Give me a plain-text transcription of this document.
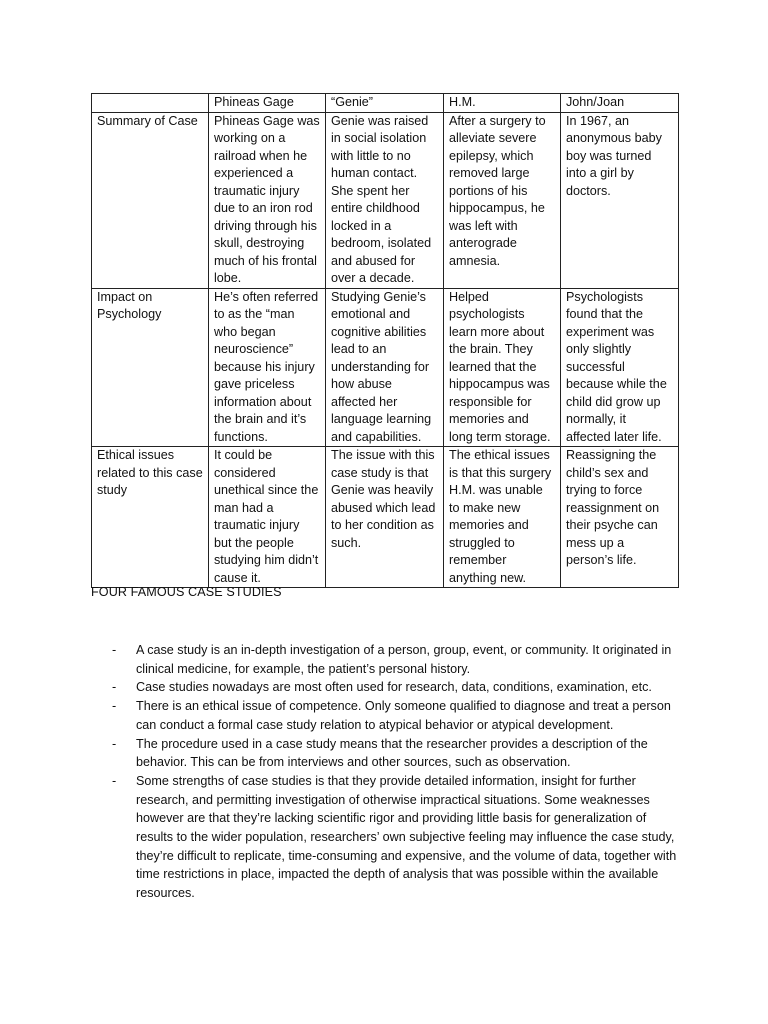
	Phineas Gage	“Genie”	H.M.	John/Joan
Summary of Case	Phineas Gage was working on a railroad when he experienced a traumatic injury due to an iron rod driving through his skull, destroying much of his frontal lobe.	Genie was raised in social isolation with little to no human contact. She spent her entire childhood locked in a bedroom, isolated and abused for over a decade.	After a surgery to alleviate severe epilepsy, which removed large portions of his hippocampus, he was left with anterograde amnesia.	In 1967, an anonymous baby boy was turned into a girl by doctors.
Impact on Psychology	He’s often referred to as the “man who began neuroscience” because his injury gave priceless information about the brain and it’s functions.	Studying Genie’s emotional and cognitive abilities lead to an understanding for how abuse affected her language learning and capabilities.	Helped psychologists learn more about the brain. They learned that the hippocampus was responsible for memories and long term storage.	Psychologists found that the experiment was only slightly successful because while the child did grow up normally, it affected later life.
Ethical issues related to this case study	It could be considered unethical since the man had a traumatic injury but the people studying him didn’t cause it.	The issue with this case study is that Genie was heavily abused which lead to her condition as such.	The ethical issues is that this surgery H.M. was unable to make new memories and struggled to remember anything new.	Reassigning the child’s sex and trying to force reassignment on their psyche can mess up a person’s life.
FOUR FAMOUS CASE STUDIES
- A case study is an in-depth investigation of a person, group, event, or community. It originated in clinical medicine, for example, the patient’s personal history.
- Case studies nowadays are most often used for research, data, conditions, examination, etc.
- There is an ethical issue of competence. Only someone qualified to diagnose and treat a person can conduct a formal case study relation to atypical behavior or atypical development.
- The procedure used in a case study means that the researcher provides a description of the behavior. This can be from interviews and other sources, such as observation.
- Some strengths of case studies is that they provide detailed information, insight for further research, and permitting investigation of otherwise impractical situations. Some weaknesses however are that they’re lacking scientific rigor and providing little basis for generalization of results to the wider population, researchers’ own subjective feeling may influence the case study, they’re difficult to replicate, time-consuming and expensive, and the volume of data, together with time restrictions in place, impacted the depth of analysis that was possible within the available resources.
